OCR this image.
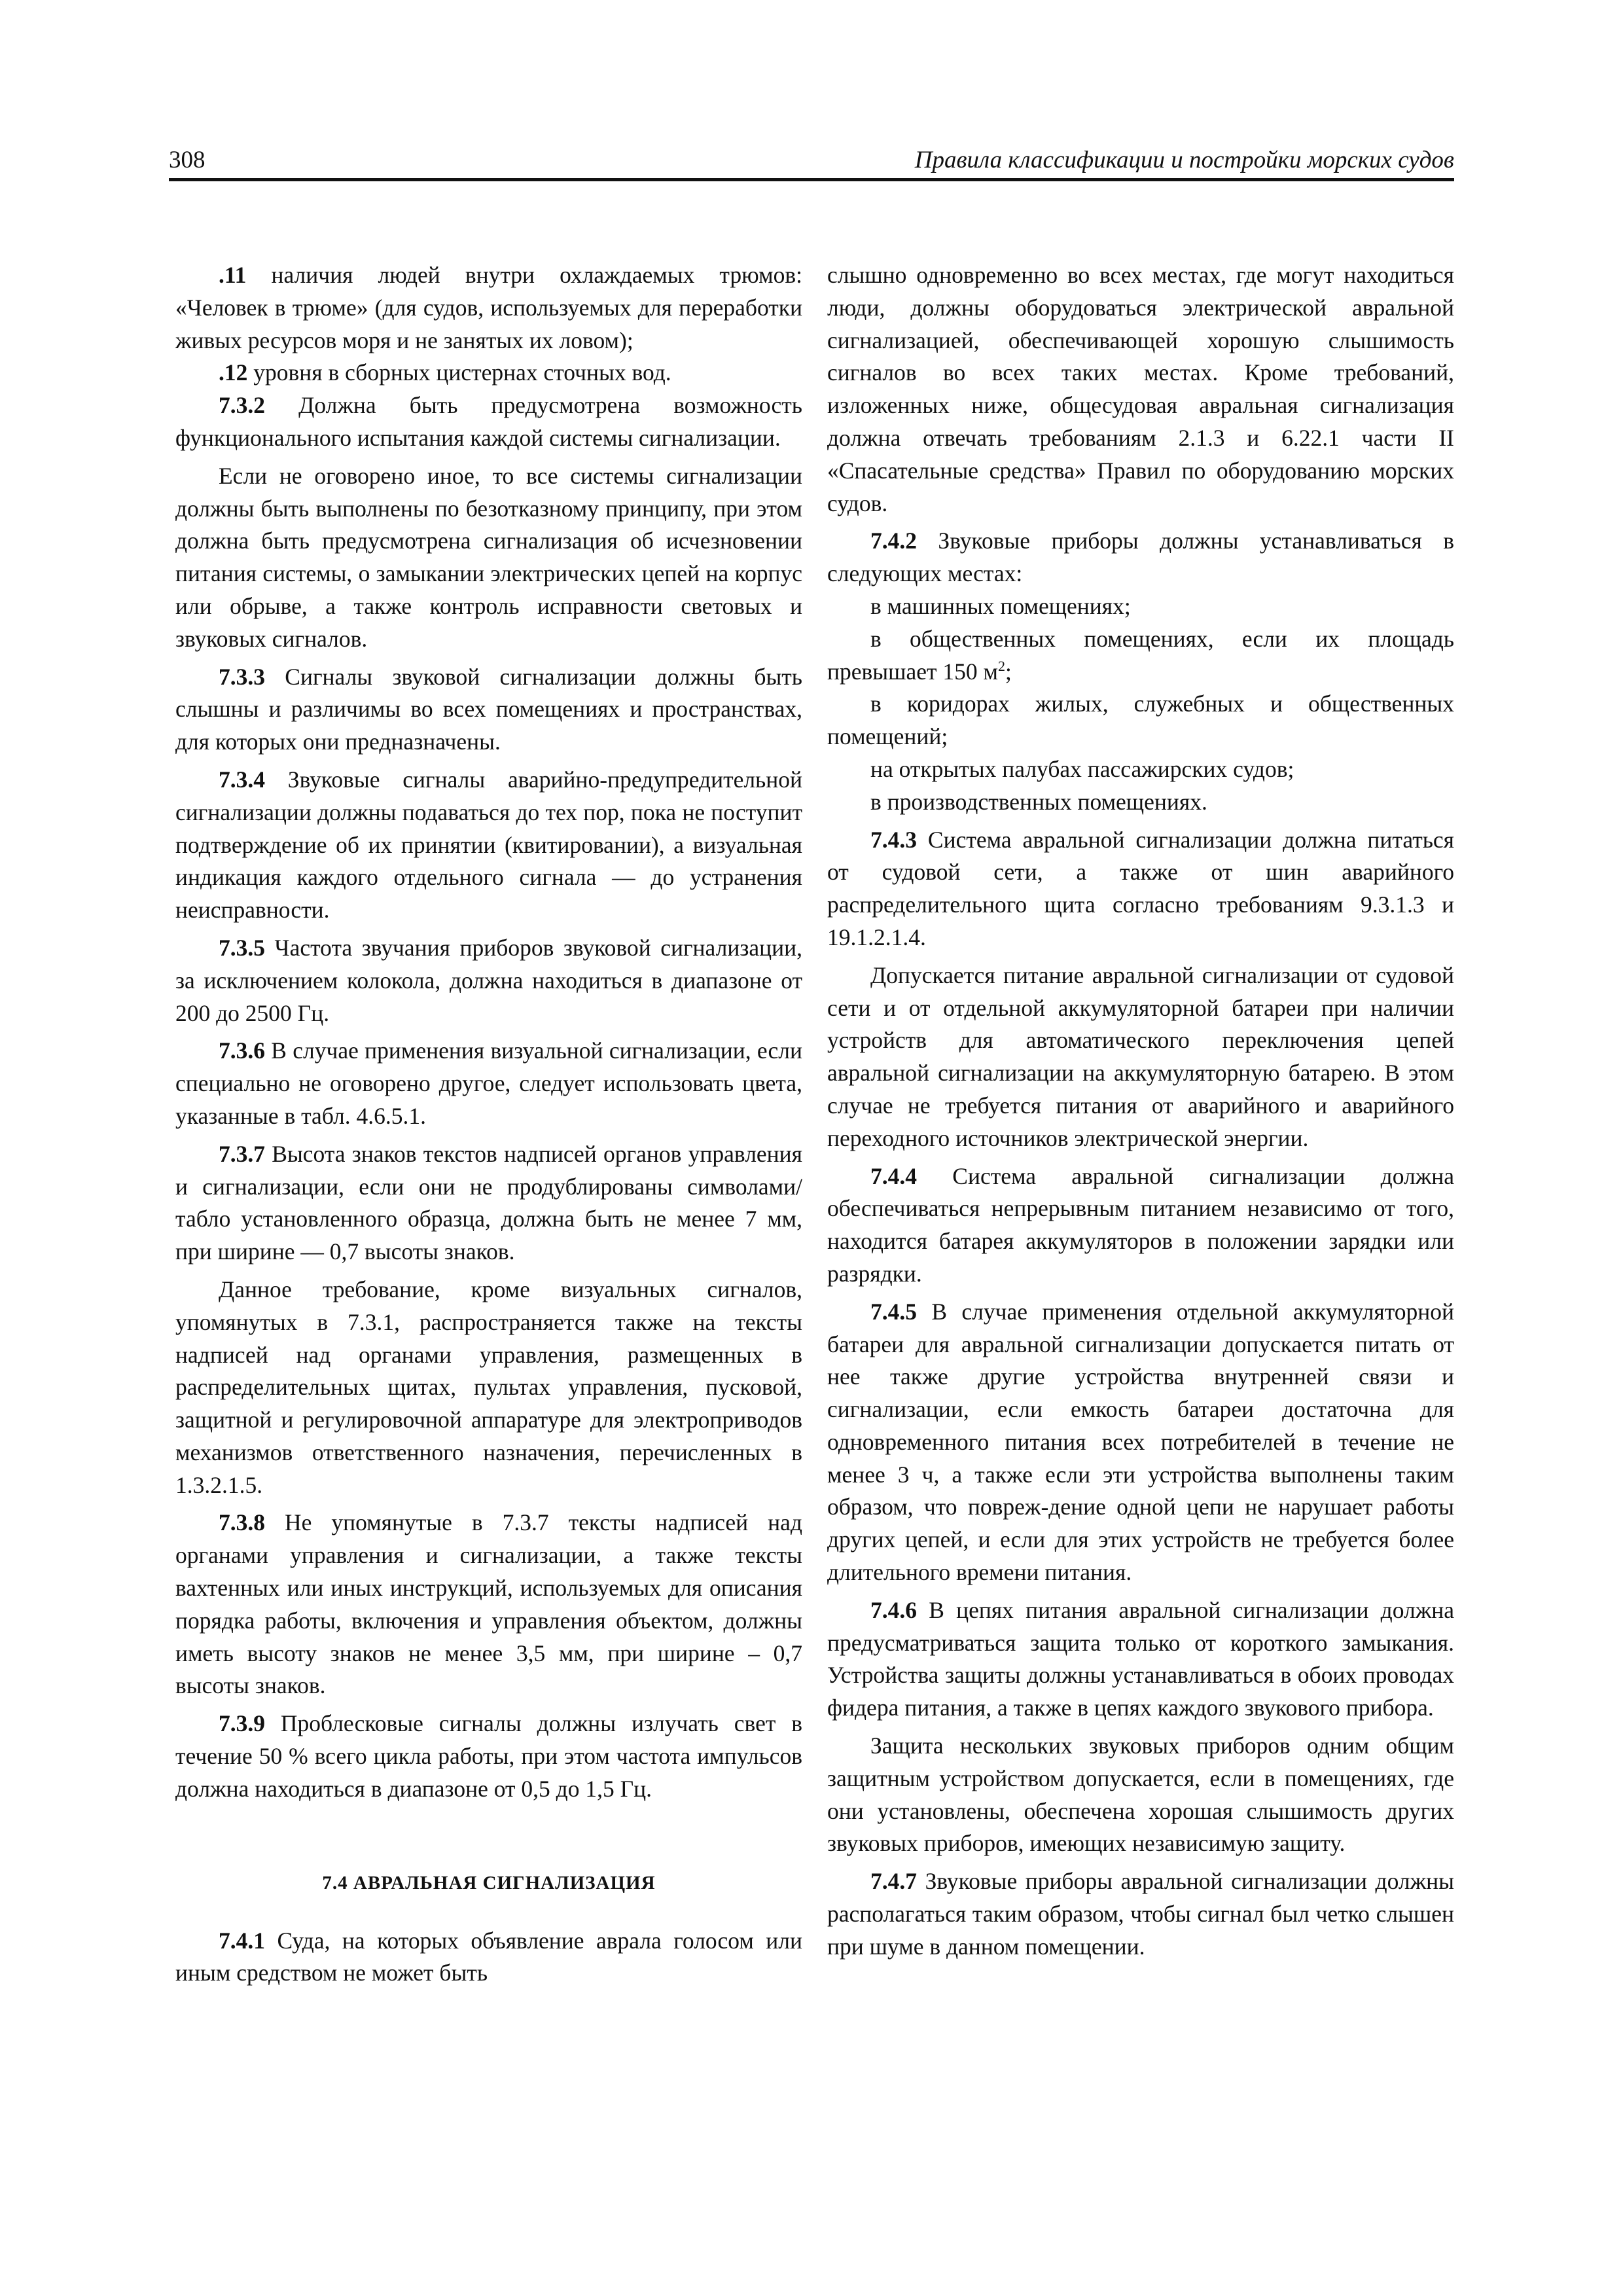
308	Правила классификации и постройки морских судов

.11 наличия людей внутри охлаждаемых трюмов: «Человек в трюме» (для судов, используемых для переработки живых ресурсов моря и не занятых их ловом);

.12 уровня в сборных цистернах сточных вод.

7.3.2 Должна быть предусмотрена возможность функционального испытания каждой системы сигнализации.

Если не оговорено иное, то все системы сигнализации должны быть выполнены по безотказному принципу, при этом должна быть предусмотрена сигнализация об исчезновении питания системы, о замыкании электрических цепей на корпус или обрыве, а также контроль исправности световых и звуковых сигналов.

7.3.3 Сигналы звуковой сигнализации должны быть слышны и различимы во всех помещениях и пространствах, для которых они предназначены.

7.3.4 Звуковые сигналы аварийно-предупредительной сигнализации должны подаваться до тех пор, пока не поступит подтверждение об их принятии (квитировании), а визуальная индикация каждого отдельного сигнала — до устранения неисправности.

7.3.5 Частота звучания приборов звуковой сигнализации, за исключением колокола, должна находиться в диапазоне от 200 до 2500 Гц.

7.3.6 В случае применения визуальной сигнализации, если специально не оговорено другое, следует использовать цвета, указанные в табл. 4.6.5.1.

7.3.7 Высота знаков текстов надписей органов управления и сигнализации, если они не продублированы символами/табло установленного образца, должна быть не менее 7 мм, при ширине — 0,7 высоты знаков.

Данное требование, кроме визуальных сигналов, упомянутых в 7.3.1, распространяется также на тексты надписей над органами управления, размещенных в распределительных щитах, пультах управления, пусковой, защитной и регулировочной аппаратуре для электроприводов механизмов ответственного назначения, перечисленных в 1.3.2.1.5.

7.3.8 Не упомянутые в 7.3.7 тексты надписей над органами управления и сигнализации, а также тексты вахтенных или иных инструкций, используемых для описания порядка работы, включения и управления объектом, должны иметь высоту знаков не менее 3,5 мм, при ширине – 0,7 высоты знаков.

7.3.9 Проблесковые сигналы должны излучать свет в течение 50 % всего цикла работы, при этом частота импульсов должна находиться в диапазоне от 0,5 до 1,5 Гц.

7.4 АВРАЛЬНАЯ СИГНАЛИЗАЦИЯ

7.4.1 Суда, на которых объявление аврала голосом или иным средством не может быть

слышно одновременно во всех местах, где могут находиться люди, должны оборудоваться электрической авральной сигнализацией, обеспечивающей хорошую слышимость сигналов во всех таких местах. Кроме требований, изложенных ниже, общесудовая авральная сигнализация должна отвечать требованиям 2.1.3 и 6.22.1 части II «Спасательные средства» Правил по оборудованию морских судов.

7.4.2 Звуковые приборы должны устанавливаться в следующих местах:

в машинных помещениях;

в общественных помещениях, если их площадь превышает 150 $м^2$;

в коридорах жилых, служебных и общественных помещений;

на открытых палубах пассажирских судов;

в производственных помещениях.

7.4.3 Система авральной сигнализации должна питаться от судовой сети, а также от шин аварийного распределительного щита согласно требованиям 9.3.1.3 и 19.1.2.1.4.

Допускается питание авральной сигнализации от судовой сети и от отдельной аккумуляторной батареи при наличии устройств для автоматического переключения цепей авральной сигнализации на аккумуляторную батарею. В этом случае не требуется питания от аварийного и аварийного переходного источников электрической энергии.

7.4.4 Система авральной сигнализации должна обеспечиваться непрерывным питанием независимо от того, находится батарея аккумуляторов в положении зарядки или разрядки.

7.4.5 В случае применения отдельной аккумуляторной батареи для авральной сигнализации допускается питать от нее также другие устройства внутренней связи и сигнализации, если емкость батареи достаточна для одновременного питания всех потребителей в течение не менее 3 ч, а также если эти устройства выполнены таким образом, что повреж-дение одной цепи не нарушает работы других цепей, и если для этих устройств не требуется более длительного времени питания.

7.4.6 В цепях питания авральной сигнализации должна предусматриваться защита только от короткого замыкания. Устройства защиты должны устанавливаться в обоих проводах фидера питания, а также в цепях каждого звукового прибора.

Защита нескольких звуковых приборов одним общим защитным устройством допускается, если в помещениях, где они установлены, обеспечена хорошая слышимость других звуковых приборов, имеющих независимую защиту.

7.4.7 Звуковые приборы авральной сигнализации должны располагаться таким образом, чтобы сигнал был четко слышен при шуме в данном помещении.
